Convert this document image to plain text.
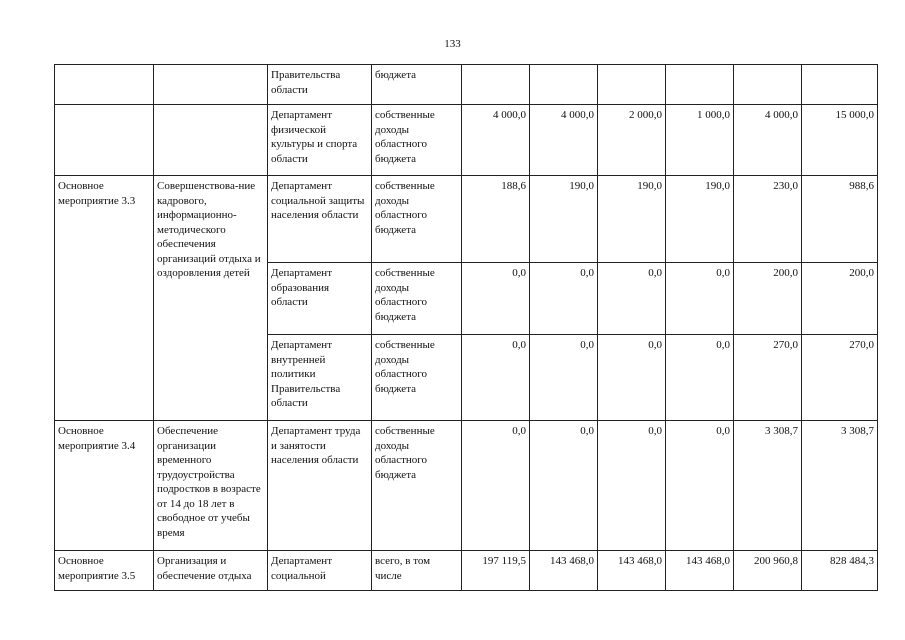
133
		Правительства области	бюджета						
		Департамент физической культуры и спорта области	собственные доходы областного бюджета	4 000,0	4 000,0	2 000,0	1 000,0	4 000,0	15 000,0
Основное мероприятие 3.3	Совершенствова-ние кадрового, информационно-методического обеспечения организаций отдыха и оздоровления детей	Департамент социальной защиты населения области	собственные доходы областного бюджета	188,6	190,0	190,0	190,0	230,0	988,6
		Департамент образования области	собственные доходы областного бюджета	0,0	0,0	0,0	0,0	200,0	200,0
		Департамент внутренней политики Правительства области	собственные доходы областного бюджета	0,0	0,0	0,0	0,0	270,0	270,0
Основное мероприятие 3.4	Обеспечение организации временного трудоустройства подростков в возрасте от 14 до 18 лет в свободное от учебы время	Департамент труда и занятости населения области	собственные доходы областного бюджета	0,0	0,0	0,0	0,0	3 308,7	3 308,7
Основное мероприятие 3.5	Организация и обеспечение отдыха	Департамент социальной	всего, в том числе	197 119,5	143 468,0	143 468,0	143 468,0	200 960,8	828 484,3
